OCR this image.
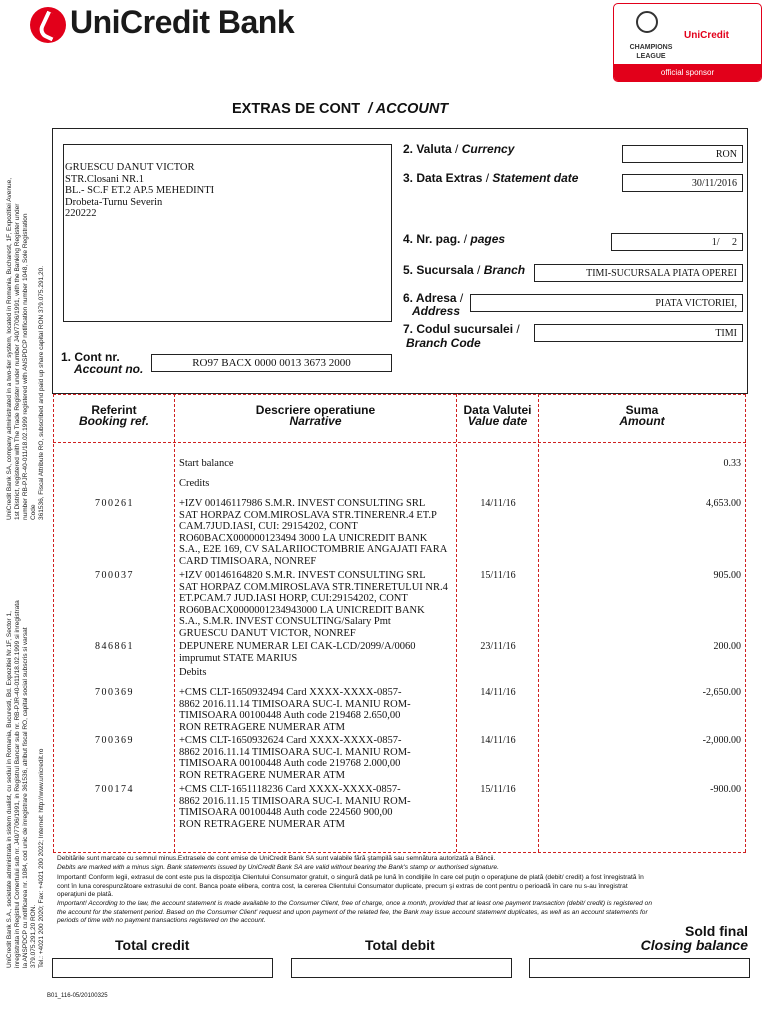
UniCredit Bank
CHAMPIONS
LEAGUE
UniCredit
official sponsor
UniCredit Bank SA, company administrated in a two-tier system, located in Romania, Bucharest, 1F, Expozitiei Avenue, 1st District, registered with The Trade Register under number J40/7706/1991, with the Banking Register under number RB-PJR-40-011/18.02.1999 registered with ANSPDCP notification number 1048, Sole Registration Code 361536, Fiscal Attribute RO, subscribed and paid up share capital RON 379.075.291,20.
UniCredit Bank S.A., societate administrata in sistem dualist, cu sediul in Romania, Bucuresti, Bd. Expozitiei Nr.1F, Sector 1, inregistrata in Registrul Comertului sub nr. J40/7706/1991, in Registrul Bancar sub nr. RB-PJR-40-011/18.02.1999 si inregistrata la ANSPDCP cu notificarea nr. 1084, cod unic de inregistrare 361536, atribut fiscal RO, capital social subscris si varsat 379.075.291,20 RON. Tel.: +4021 200 2020; Fax: +4021 200 2022; Internet: http://www.unicredit.ro
EXTRAS DE CONT / ACCOUNT
GRUESCU DANUT VICTOR
STR.Closani NR.1
BL.- SC.F ET.2 AP.5 MEHEDINTI
Drobeta-Turnu Severin
220222
2. Valuta / Currency	RON
3. Data Extras / Statement date	30/11/2016
4. Nr. pag. / pages	1/     2
5. Sucursala / Branch	TIMI-SUCURSALA PIATA OPEREI
6. Adresa /
Address
PIATA VICTORIEI,
7. Codul sucursalei /
Branch Code
TIMI
1. Cont nr.
Account no.	RO97 BACX 0000 0013 3673 2000
Referint
Booking ref.
Descriere operatiune
Narrative
Data Valutei
Value date
Suma
Amount
Start balance	0.33
Credits
700261	+IZV 00146117986 S.M.R. INVEST CONSULTING SRL
SAT HORPAZ COM.MIROSLAVA STR.TINERENR.4 ET.P
CAM.7JUD.IASI, CUI: 29154202, CONT
RO60BACX000000123494 3000 LA UNICREDIT BANK
S.A., E2E 169, CV SALARIIOCTOMBRIE ANGAJATI FARA
CARD TIMISOARA, NONREF
14/11/16	4,653.00
700037	+IZV 00146164820 S.M.R. INVEST CONSULTING SRL
SAT HORPAZ COM.MIROSLAVA STR.TINERETULUI NR.4
ET.PCAM.7 JUD.IASI HORP, CUI:29154202, CONT
RO60BACX0000001234943000 LA UNICREDIT BANK
S.A., S.M.R. INVEST CONSULTING/Salary Pmt
GRUESCU DANUT VICTOR, NONREF
15/11/16	905.00
846861	DEPUNERE NUMERAR LEI CAK-LCD/2099/A/0060
imprumut STATE MARIUS
23/11/16	200.00
Debits
700369	+CMS CLT-1650932494 Card XXXX-XXXX-0857-
8862 2016.11.14 TIMISOARA SUC-I. MANIU ROM-
TIMISOARA 00100448 Auth code 219468 2.650,00
RON RETRAGERE NUMERAR ATM
14/11/16	-2,650.00
700369	+CMS CLT-1650932624 Card XXXX-XXXX-0857-
8862 2016.11.14 TIMISOARA SUC-I. MANIU ROM-
TIMISOARA 00100448 Auth code 219768 2.000,00
RON RETRAGERE NUMERAR ATM
14/11/16	-2,000.00
700174	+CMS CLT-1651118236 Card XXXX-XXXX-0857-
8862 2016.11.15 TIMISOARA SUC-I. MANIU ROM-
TIMISOARA 00100448 Auth code 224560 900,00
RON RETRAGERE NUMERAR ATM
15/11/16	-900.00
Debitările sunt marcate cu semnul minus.Extrasele de cont emise de UniCredit Bank SA sunt valabile fără ştampilă sau semnătura autorizată a Băncii.
Debits are marked with a minus sign. Bank statements issued by UniCredit Bank SA are valid without bearing the Bank's stamp or authorised signature.
Important! Conform legii, extrasul de cont este pus la dispoziţia Clientului Consumator gratuit, o singură dată pe lună în condiţiile în care cel puţin o operaţiune de plată (debit/ credit) a fost înregistrată în
cont în luna corespunzătoare extrasului de cont. Banca poate elibera, contra cost, la cererea Clientului Consumator duplicate, precum şi extras de cont pentru o perioadă în care nu s-au înregistrat
operaţiuni de plată.
Important! According to the law, the account statement is made available to the Consumer Client, free of charge, once a month, provided that at least one payment transaction (debit/ credit) is registered on
the account for the statement period. Based on the Consumer Client' request and upon payment of the related fee, the Bank may issue account statement duplicates, as well as an account statements for
periods of time with no payment transactions registered on the account.
Total credit	Total debit
Sold final
Closing balance
B01_116-05/20100325
